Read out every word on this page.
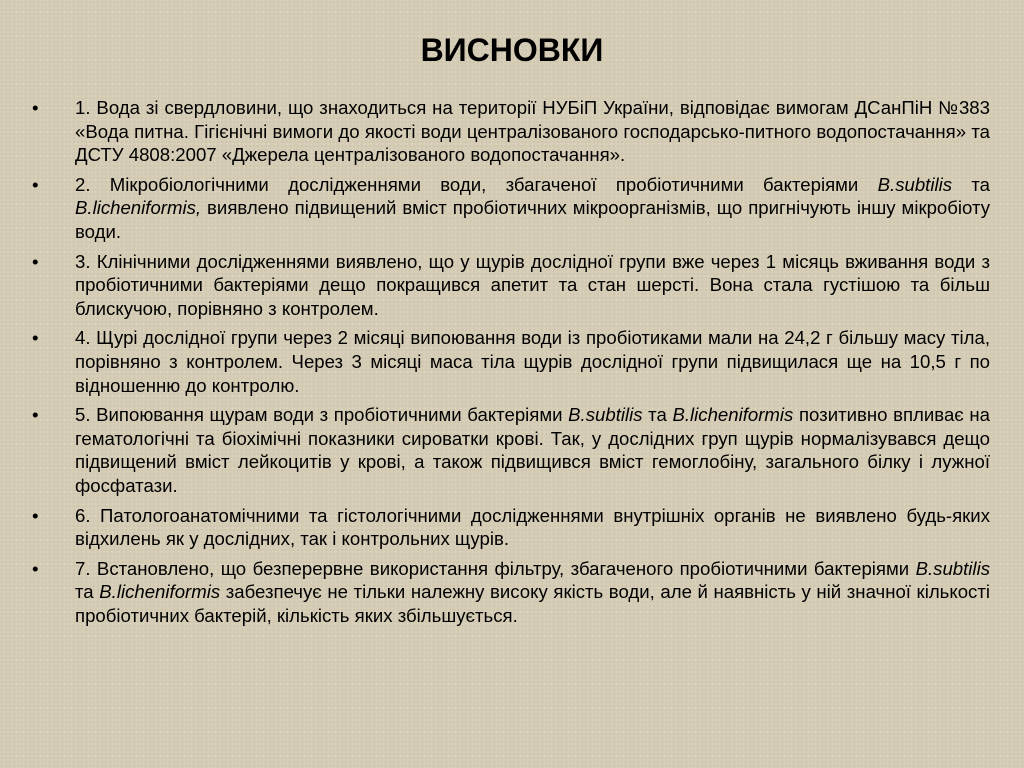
ВИСНОВКИ
• 1. Вода зі свердловини, що знаходиться на території НУБіП України, відповідає вимогам ДСанПіН №383 «Вода питна. Гігієнічні вимоги до якості води централізованого господарсько-питного водопостачання» та ДСТУ 4808:2007 «Джерела централізованого водопостачання».
• 2. Мікробіологічними дослідженнями води, збагаченої пробіотичними бактеріями B.subtilis та B.licheniformis, виявлено підвищений вміст пробіотичних мікроорганізмів, що пригнічують іншу мікробіоту води.
• 3. Клінічними дослідженнями виявлено, що у щурів дослідної групи вже через 1 місяць вживання води з пробіотичними бактеріями дещо покращився апетит та стан шерсті. Вона стала густішою та більш блискучою, порівняно з контролем.
• 4. Щурі дослідної групи через 2 місяці випоювання води із пробіотиками мали на 24,2 г більшу масу тіла, порівняно з контролем. Через 3 місяці маса тіла щурів дослідної групи підвищилася ще на 10,5 г по відношенню до контролю.
• 5. Випоювання щурам води з пробіотичними бактеріями B.subtilis та B.licheniformis позитивно впливає на гематологічні та біохімічні показники сироватки крові. Так, у дослідних груп щурів нормалізувався дещо підвищений вміст лейкоцитів у крові, а також підвищився вміст гемоглобіну, загального білку і лужної фосфатази.
• 6. Патологоанатомічними та гістологічними дослідженнями внутрішніх органів не виявлено будь-яких відхилень як у дослідних, так і контрольних щурів.
• 7. Встановлено, що безперервне використання фільтру, збагаченого пробіотичними бактеріями B.subtilis та B.licheniformis забезпечує не тільки належну високу якість води, але й наявність у ній значної кількості пробіотичних бактерій, кількість яких збільшується.
